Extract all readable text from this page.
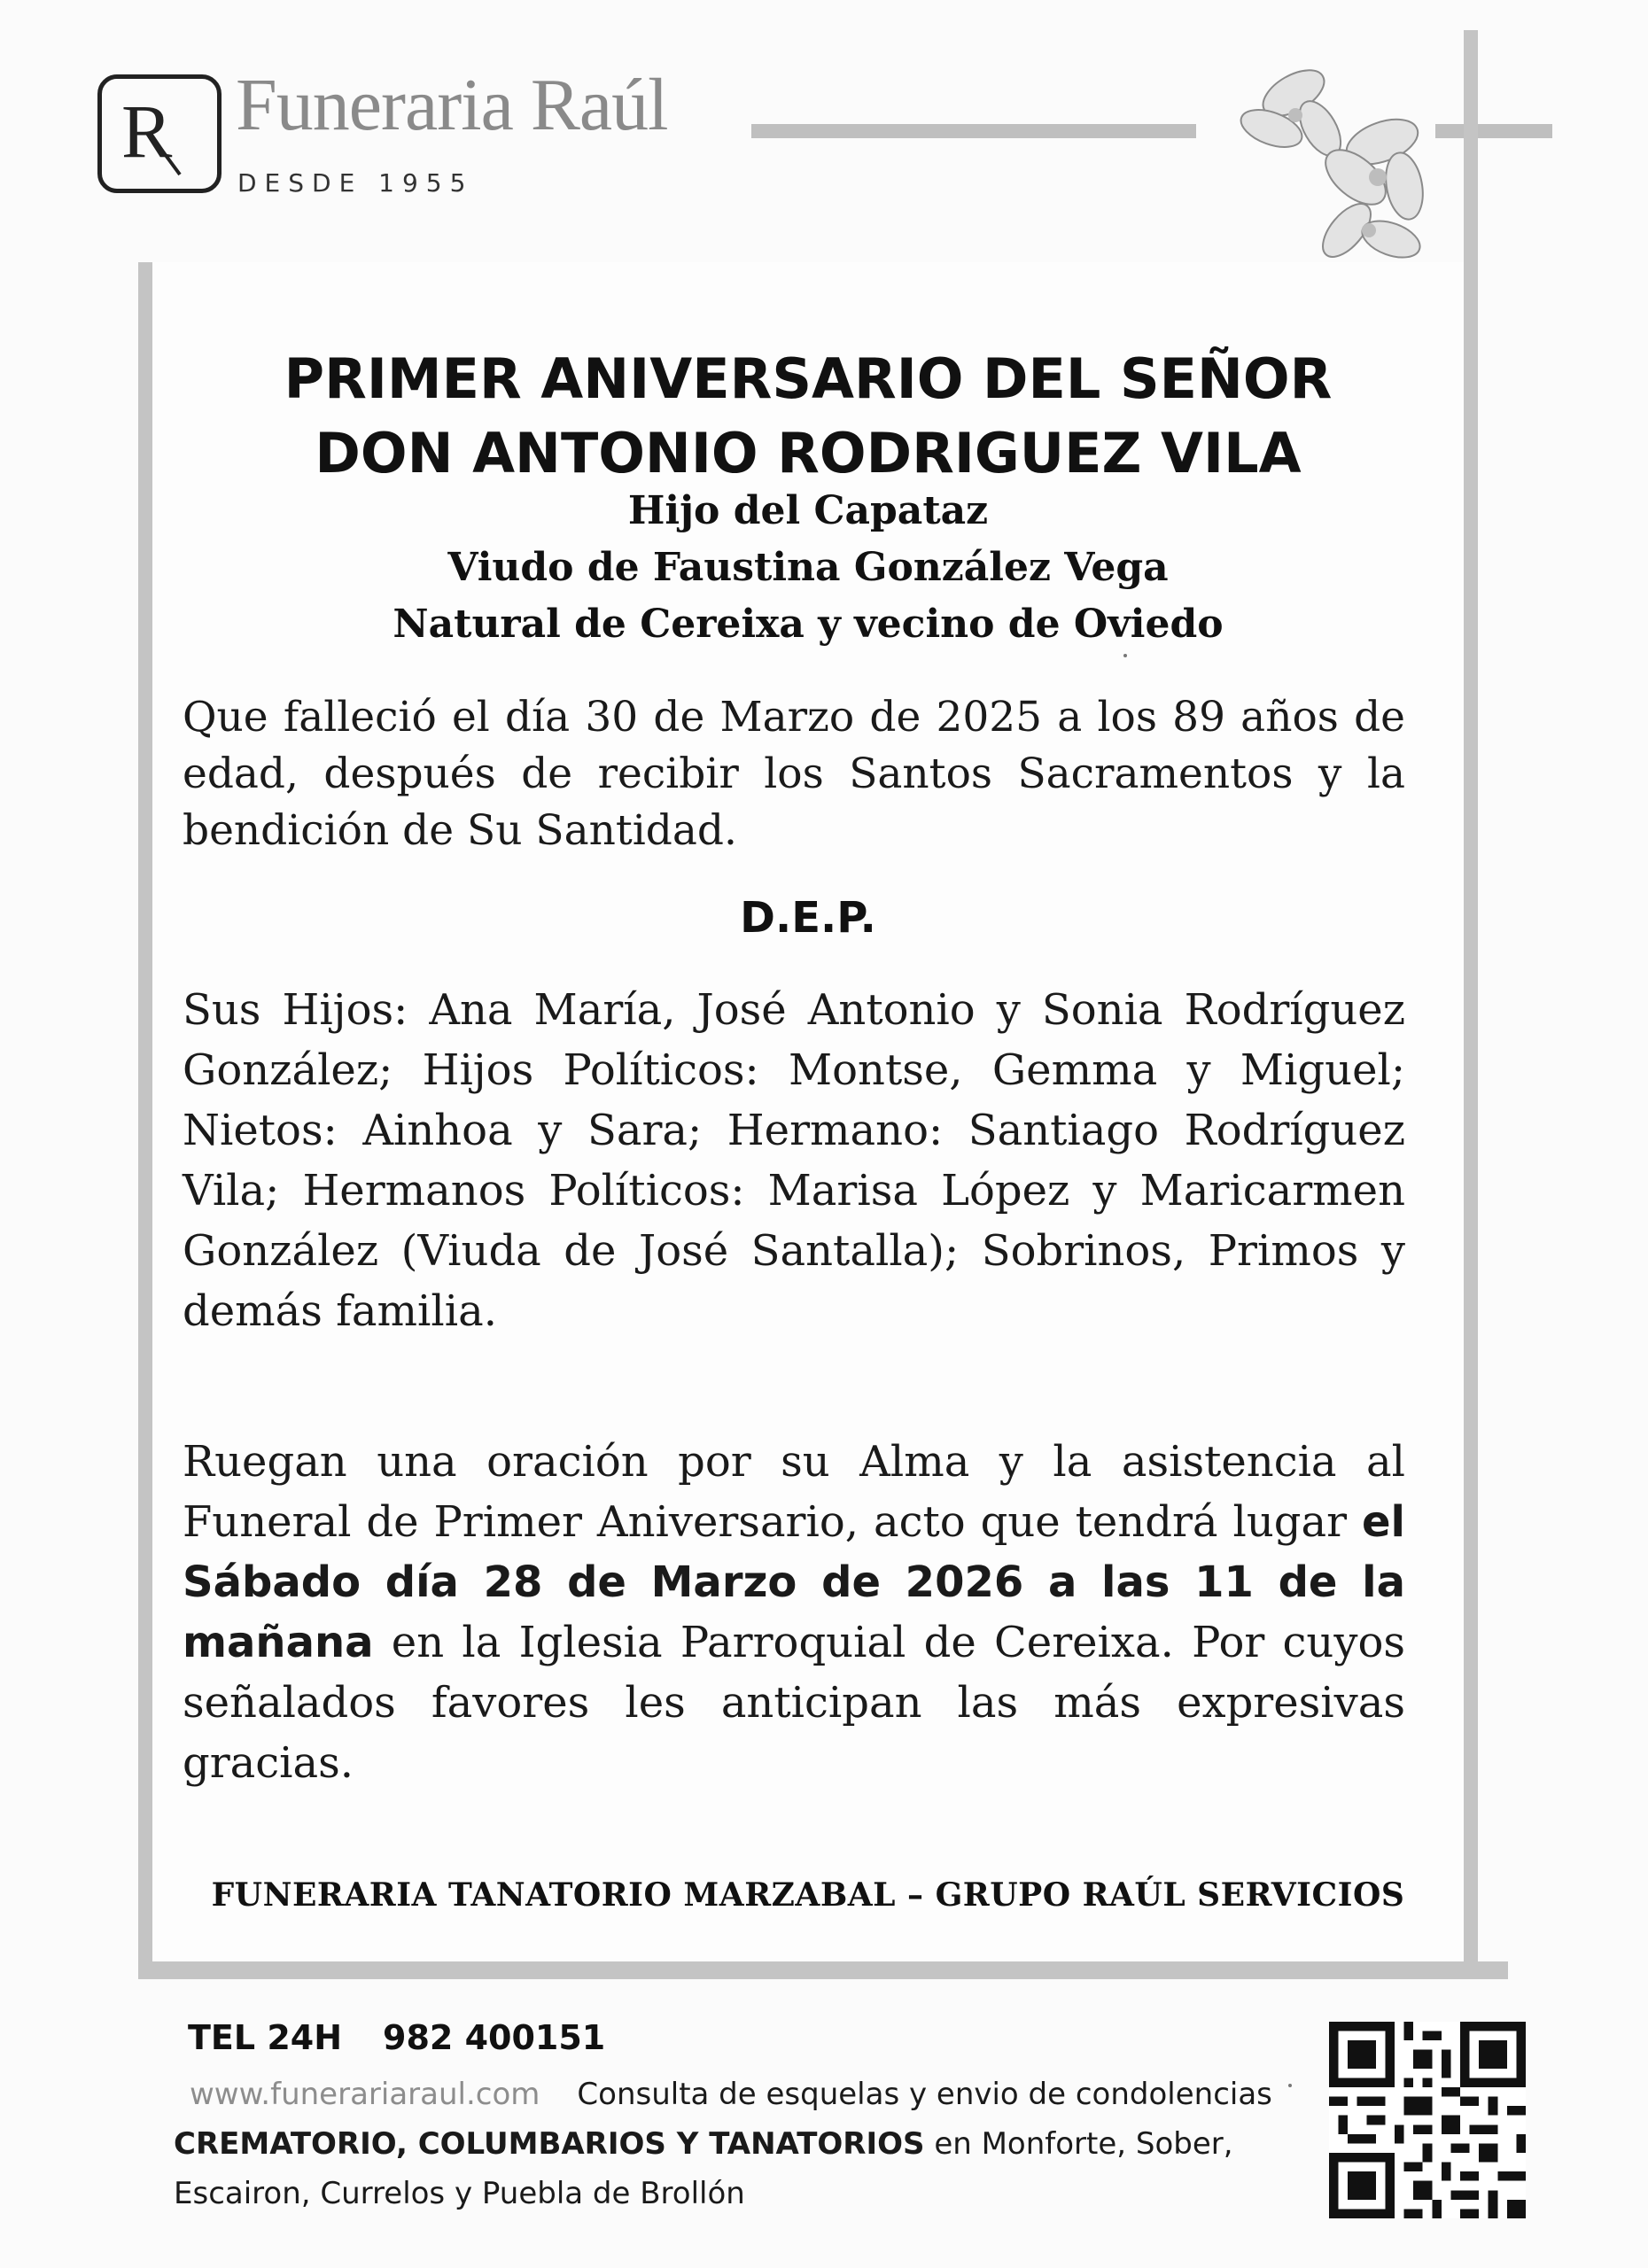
R Funeraria Raúl
DESDE 1955
PRIMER ANIVERSARIO DEL SEÑOR
DON ANTONIO RODRIGUEZ VILA
Hijo del Capataz
Viudo de Faustina González Vega
Natural de Cereixa y vecino de Oviedo
Que falleció el día 30 de Marzo de 2025 a los 89 años de edad, después de recibir los Santos Sacramentos y la bendición de Su Santidad.
D.E.P.
Sus Hijos: Ana María, José Antonio y Sonia Rodríguez González; Hijos Políticos: Montse, Gemma y Miguel; Nietos: Ainhoa y Sara; Hermano: Santiago Rodríguez Vila; Hermanos Políticos: Marisa López y Maricarmen González (Viuda de José Santalla); Sobrinos, Primos y demás familia.
Ruegan una oración por su Alma y la asistencia al Funeral de Primer Aniversario, acto que tendrá lugar el Sábado día 28 de Marzo de 2026 a las 11 de la mañana en la Iglesia Parroquial de Cereixa. Por cuyos señalados favores les anticipan las más expresivas gracias.
FUNERARIA TANATORIO MARZABAL – GRUPO RAÚL SERVICIOS
TEL 24H 982 400151
www.funerariaraul.com Consulta de esquelas y envio de condolencias CREMATORIO, COLUMBARIOS Y TANATORIOS en Monforte, Sober, Escairon, Currelos y Puebla de Brollón
